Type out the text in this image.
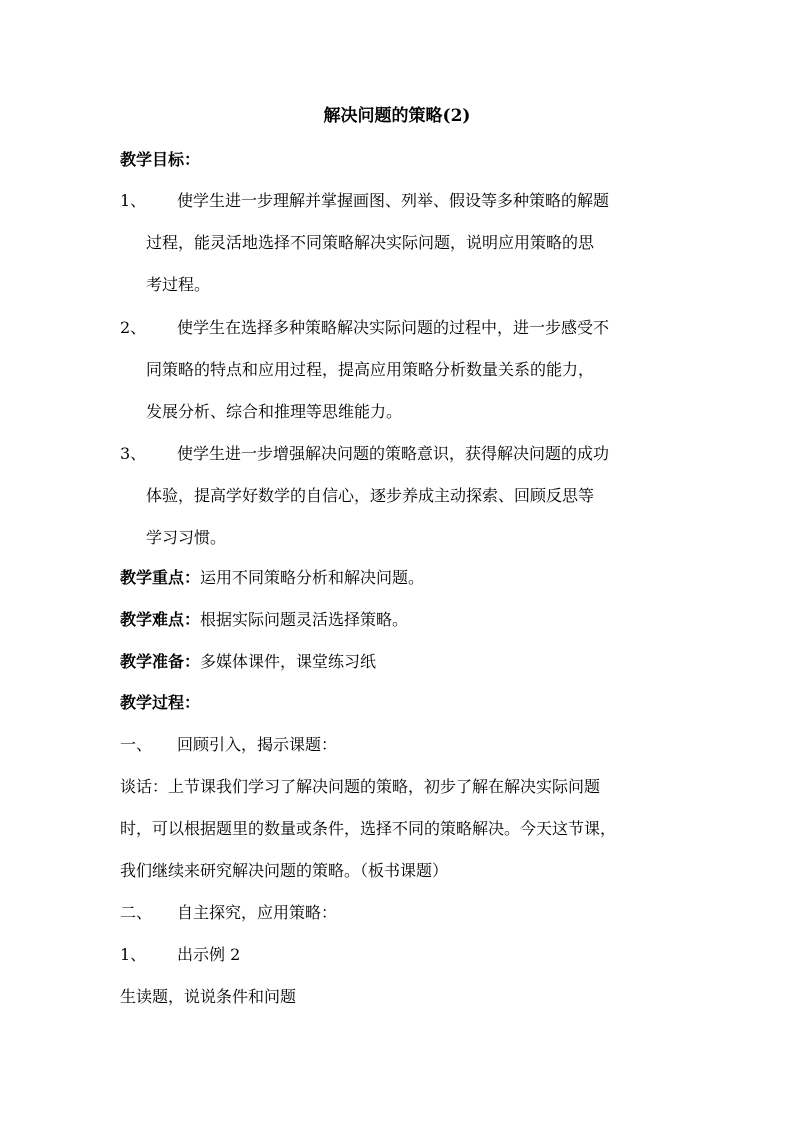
解决问题的策略(2)
教学目标：
1、 使学生进一步理解并掌握画图、列举、假设等多种策略的解题
过程，能灵活地选择不同策略解决实际问题，说明应用策略的思
考过程。
2、 使学生在选择多种策略解决实际问题的过程中，进一步感受不
同策略的特点和应用过程，提高应用策略分析数量关系的能力，
发展分析、综合和推理等思维能力。
3、 使学生进一步增强解决问题的策略意识，获得解决问题的成功
体验，提高学好数学的自信心，逐步养成主动探索、回顾反思等
学习习惯。
教学重点：运用不同策略分析和解决问题。
教学难点：根据实际问题灵活选择策略。
教学准备：多媒体课件，课堂练习纸
教学过程：
一、 回顾引入，揭示课题：
谈话：上节课我们学习了解决问题的策略，初步了解在解决实际问题
时，可以根据题里的数量或条件，选择不同的策略解决。今天这节课，
我们继续来研究解决问题的策略。（板书课题）
二、 自主探究，应用策略：
1、 出示例 2
生读题，说说条件和问题
